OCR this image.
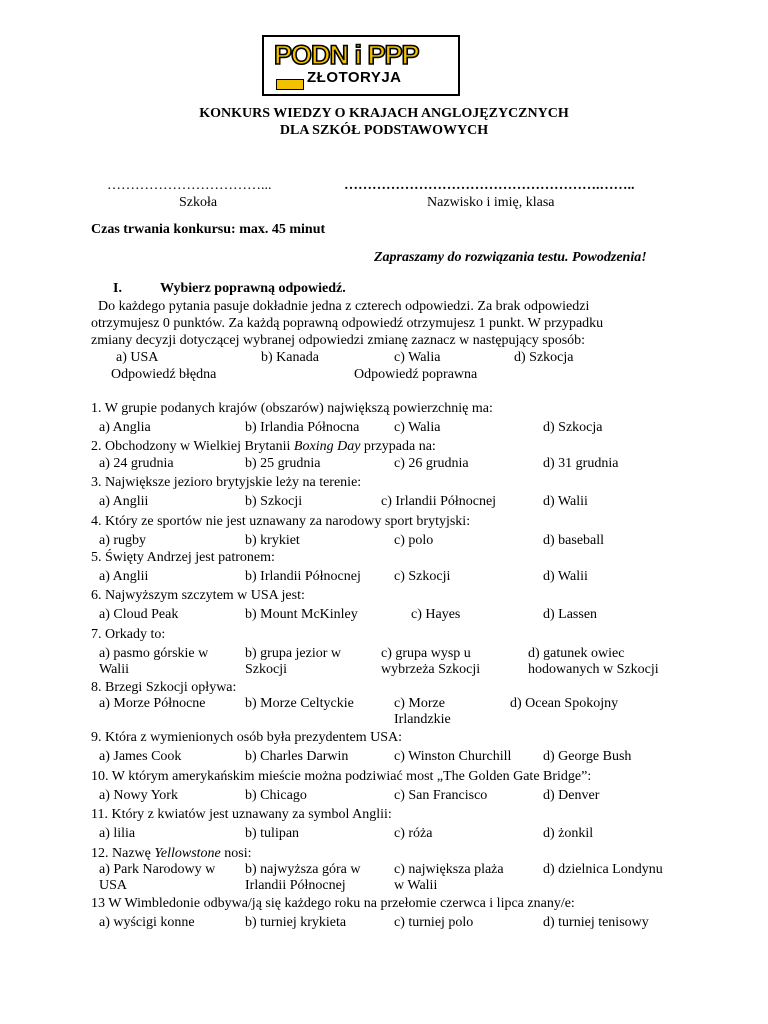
PODN i PPP
ZŁOTORYJA
KONKURS WIEDZY O KRAJACH ANGLOJĘZYCZNYCH
DLA SZKÓŁ PODSTAWOWYCH
……………………………...	……………………………………………….……..
Szkoła	Nazwisko i imię, klasa
Czas trwania konkursu: max. 45 minut
Zapraszamy do rozwiązania testu. Powodzenia!
I.	Wybierz poprawną odpowiedź.
Do każdego pytania pasuje dokładnie jedna z czterech odpowiedzi. Za brak odpowiedzi
otrzymujesz 0 punktów. Za każdą poprawną odpowiedź otrzymujesz 1 punkt. W przypadku
zmiany decyzji dotyczącej wybranej odpowiedzi zmianę zaznacz w następujący sposób:
a) USA	b) Kanada	c) Walia	d) Szkocja
Odpowiedź błędna	Odpowiedź poprawna
1. W grupie podanych krajów (obszarów) największą powierzchnię ma:
a) Anglia	b) Irlandia Północna c) Walia	d) Szkocja
2. Obchodzony w Wielkiej Brytanii Boxing Day przypada na:
a) 24 grudnia	b) 25 grudnia	c) 26 grudnia	d) 31 grudnia
3. Największe jezioro brytyjskie leży na terenie:
a) Anglii	b) Szkocji	c) Irlandii Północnej	d) Walii
4. Który ze sportów nie jest uznawany za narodowy sport brytyjski:
a) rugby	b) krykiet	c) polo	d) baseball
5. Święty Andrzej jest patronem:
a) Anglii	b) Irlandii Północnej c) Szkocji	d) Walii
6. Najwyższym szczytem w USA jest:
a) Cloud Peak	b) Mount McKinley	c) Hayes	d) Lassen
7. Orkady to:
a) pasmo górskie w
Walii
b) grupa jezior w
Szkocji
c) grupa wysp u
wybrzeża Szkocji
d) gatunek owiec
hodowanych w Szkocji
8. Brzegi Szkocji opływa:
a) Morze Północne	b) Morze Celtyckie	c) Morze
Irlandzkie
d) Ocean Spokojny
9. Która z wymienionych osób była prezydentem USA:
a) James Cook	b) Charles Darwin	c) Winston Churchill d) George Bush
10. W którym amerykańskim mieście można podziwiać most „The Golden Gate Bridge”:
a) Nowy York	b) Chicago	c) San Francisco	d) Denver
11. Który z kwiatów jest uznawany za symbol Anglii:
a) lilia	b) tulipan	c) róża	d) żonkil
12. Nazwę Yellowstone nosi:
a) Park Narodowy w
USA
b) najwyższa góra w
Irlandii Północnej
c) największa plaża
w Walii
d) dzielnica Londynu
13 W Wimbledonie odbywa/ją się każdego roku na przełomie czerwca i lipca znany/e:
a) wyścigi konne	b) turniej krykieta	c) turniej polo	d) turniej tenisowy
